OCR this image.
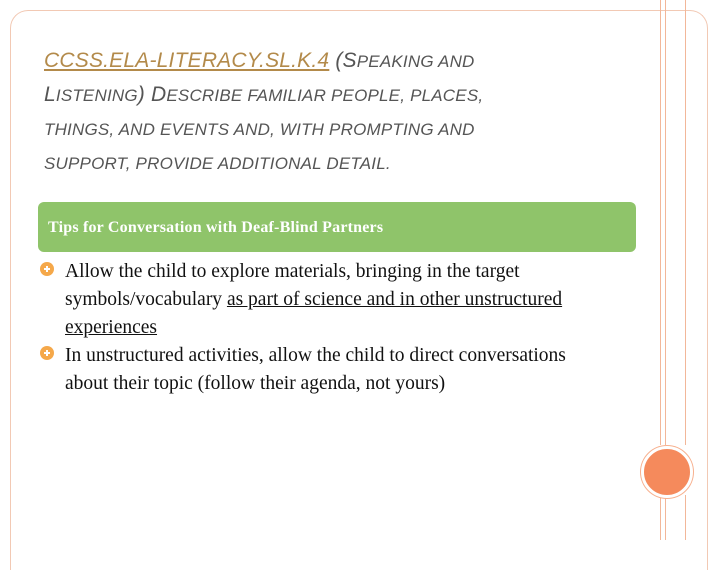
CCSS.ELA-LITERACY.SL.K.4 (SPEAKING AND
LISTENING) DESCRIBE FAMILIAR PEOPLE, PLACES,
THINGS, AND EVENTS AND, WITH PROMPTING AND
SUPPORT, PROVIDE ADDITIONAL DETAIL.
Tips for Conversation with Deaf-Blind Partners
Allow the child to explore materials, bringing in the target symbols/vocabulary as part of science and in other unstructured experiences
In unstructured activities, allow the child to direct conversations about their topic (follow their agenda, not yours)
